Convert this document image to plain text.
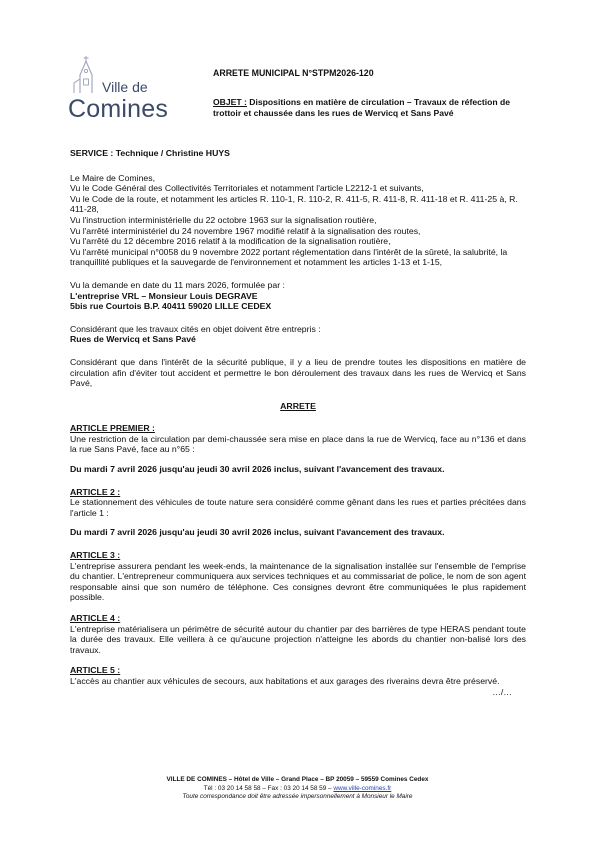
Ville de
Comines
ARRETE MUNICIPAL N°STPM2026-120
OBJET : Dispositions en matière de circulation – Travaux de réfection de trottoir et chaussée dans les rues de Wervicq et Sans Pavé

SERVICE : Technique / Christine HUYS

Le Maire de Comines,

Vu le Code Général des Collectivités Territoriales et notamment l'article L2212-1 et suivants,

Vu le Code de la route, et notamment les articles R. 110-1, R. 110-2, R. 411-5, R. 411-8, R. 411-18 et R. 411-25 à, R. 411-28,

Vu l'instruction interministérielle du 22 octobre 1963 sur la signalisation routière,

Vu l'arrêté interministériel du 24 novembre 1967 modifié relatif à la signalisation des routes,

Vu l'arrêté du 12 décembre 2016 relatif à la modification de la signalisation routière,

Vu l'arrêté municipal n°0058 du 9 novembre 2022 portant réglementation dans l'intérêt de la sûreté, la salubrité, la tranquillité publiques et la sauvegarde de l'environnement et notamment les articles 1-13 et 1-15,

Vu la demande en date du 11 mars 2026, formulée par :

L'entreprise VRL – Monsieur Louis DEGRAVE

5bis rue Courtois B.P. 40411 59020 LILLE CEDEX

Considérant que les travaux cités en objet doivent être entrepris :

Rues de Wervicq et Sans Pavé

Considérant que dans l'intérêt de la sécurité publique, il y a lieu de prendre toutes les dispositions en matière de circulation afin d'éviter tout accident et permettre le bon déroulement des travaux dans les rues de Wervicq et Sans Pavé,

ARRETE

ARTICLE PREMIER :

Une restriction de la circulation par demi-chaussée sera mise en place dans la rue de Wervicq, face au n°136 et dans la rue Sans Pavé, face au n°65 :

Du mardi 7 avril 2026 jusqu'au jeudi 30 avril 2026 inclus, suivant l'avancement des travaux.

ARTICLE 2 :

Le stationnement des véhicules de toute nature sera considéré comme gênant dans les rues et parties précitées dans l'article 1 :

Du mardi 7 avril 2026 jusqu'au jeudi 30 avril 2026 inclus, suivant l'avancement des travaux.

ARTICLE 3 :

L'entreprise assurera pendant les week-ends, la maintenance de la signalisation installée sur l'ensemble de l'emprise du chantier. L'entrepreneur communiquera aux services techniques et au commissariat de police, le nom de son agent responsable ainsi que son numéro de téléphone. Ces consignes devront être communiquées le plus rapidement possible.

ARTICLE 4 :

L'entreprise matérialisera un périmètre de sécurité autour du chantier par des barrières de type HERAS pendant toute la durée des travaux. Elle veillera à ce qu'aucune projection n'atteigne les abords du chantier non-balisé lors des travaux.

ARTICLE 5 :

L'accès au chantier aux véhicules de secours, aux habitations et aux garages des riverains devra être préservé.

…/…

VILLE DE COMINES – Hôtel de Ville – Grand Place – BP 20059 – 59559 Comines Cedex
Tél : 03 20 14 58 58 – Fax : 03 20 14 58 59 – www.ville-comines.fr
Toute correspondance doit être adressée impersonnellement à Monsieur le Maire
